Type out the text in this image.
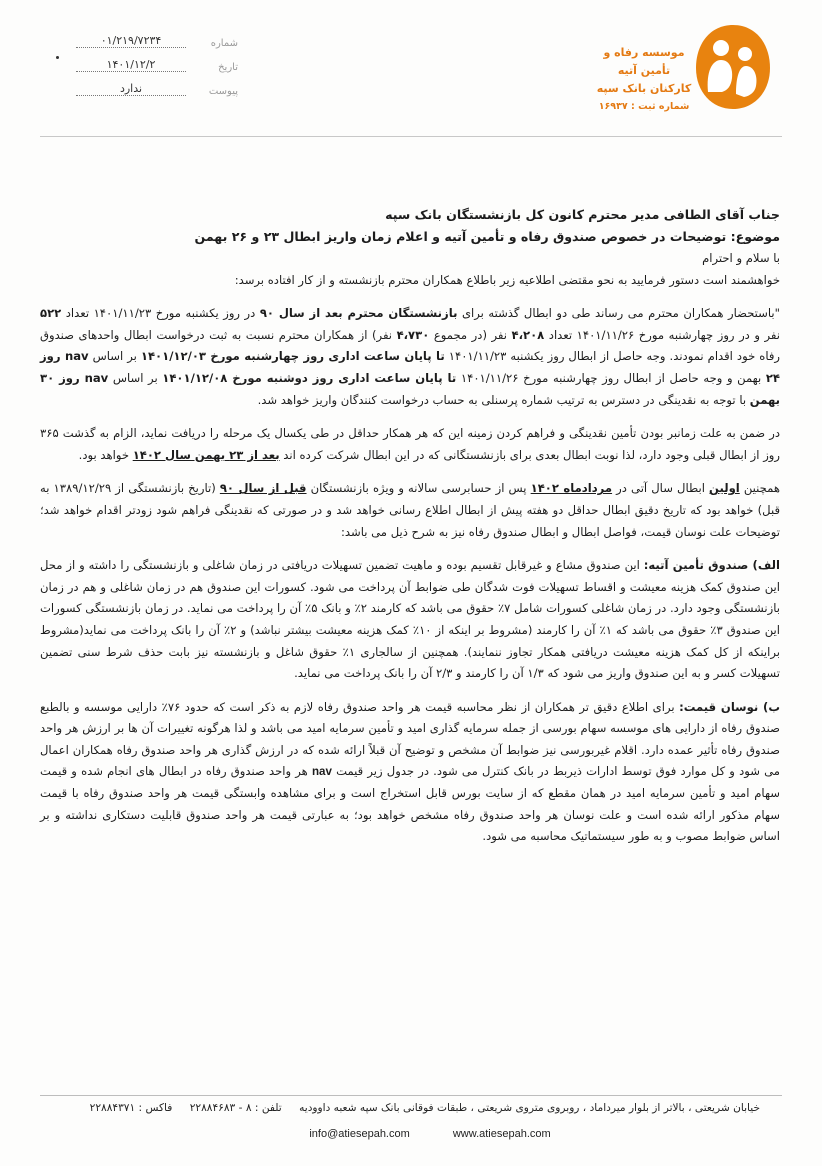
موسسه رفاه و تأمین آتیه
کارکنان بانک سپه
شماره ثبت : ۱۶۹۳۷
شماره
۰۱/۲۱۹/۷۲۳۴
تاریخ
۱۴۰۱/۱۲/۲
پیوست
ندارد

جناب آقای الطافی مدیر محترم کانون کل بازنشستگان بانک سپه

موضوع: توضیحات در خصوص صندوق رفاه و تأمین آتیه و اعلام زمان واریز ابطال ۲۳ و ۲۶ بهمن

با سلام و احترام

خواهشمند است دستور فرمایید به نحو مقتضی اطلاعیه زیر باطلاع همکاران محترم بازنشسته و از کار افتاده برسد:

"باستحضار همکاران محترم می رساند طی دو ابطال گذشته برای بازنشستگان محترم بعد از سال ۹۰ در روز یکشنبه مورخ ۱۴۰۱/۱۱/۲۳ تعداد ۵۲۲ نفر و در روز چهارشنبه مورخ ۱۴۰۱/۱۱/۲۶ تعداد ۴،۲۰۸ نفر (در مجموع ۴،۷۳۰ نفر) از همکاران محترم نسبت به ثبت درخواست ابطال واحدهای صندوق رفاه خود اقدام نمودند. وجه حاصل از ابطال روز یکشنبه ۱۴۰۱/۱۱/۲۳ تا پایان ساعت اداری روز چهارشنبه مورخ ۱۴۰۱/۱۲/۰۳ بر اساس nav روز ۲۴ بهمن و وجه حاصل از ابطال روز چهارشنبه مورخ ۱۴۰۱/۱۱/۲۶ تا پایان ساعت اداری روز دوشنبه مورخ ۱۴۰۱/۱۲/۰۸ بر اساس nav روز ۳۰ بهمن با توجه به نقدینگی در دسترس به ترتیب شماره پرسنلی به حساب درخواست کنندگان واریز خواهد شد.

در ضمن به علت زمانبر بودن تأمین نقدینگی و فراهم کردن زمینه این که هر همکار حداقل در طی یکسال یک مرحله را دریافت نماید، الزام به گذشت ۳۶۵ روز از ابطال قبلی وجود دارد، لذا نوبت ابطال بعدی برای بازنشستگانی که در این ابطال شرکت کرده اند بعد از ۲۳ بهمن سال ۱۴۰۲ خواهد بود.

همچنین اولین ابطال سال آتی در مردادماه ۱۴۰۲ پس از حسابرسی سالانه و ویژه بازنشستگان قبل از سال ۹۰ (تاریخ بازنشستگی از ۱۳۸۹/۱۲/۲۹ به قبل) خواهد بود که تاریخ دقیق ابطال حداقل دو هفته پیش از ابطال اطلاع رسانی خواهد شد و در صورتی که نقدینگی فراهم شود زودتر اقدام خواهد شد؛ توضیحات علت نوسان قیمت، فواصل ابطال و ابطال صندوق رفاه نیز به شرح ذیل می باشد:

الف) صندوق تأمین آتیه: این صندوق مشاع و غیرقابل تقسیم بوده و ماهیت تضمین تسهیلات دریافتی در زمان شاغلی و بازنشستگی را داشته و از محل این صندوق کمک هزینه معیشت و اقساط تسهیلات فوت شدگان طی ضوابط آن پرداخت می شود. کسورات این صندوق هم در زمان شاغلی و هم در زمان بازنشستگی وجود دارد. در زمان شاغلی کسورات شامل ۷٪ حقوق می باشد که کارمند ۲٪ و بانک ۵٪ آن را پرداخت می نماید. در زمان بازنشستگی کسورات این صندوق ۳٪ حقوق می باشد که ۱٪ آن را کارمند (مشروط بر اینکه از ۱۰٪ کمک هزینه معیشت بیشتر نباشد) و ۲٪ آن را بانک پرداخت می نماید(مشروط براینکه از کل کمک هزینه معیشت دریافتی همکار تجاوز ننمایند). همچنین از سالجاری ۱٪ حقوق شاغل و بازنشسته نیز بابت حذف شرط سنی تضمین تسهیلات کسر و به این صندوق واریز می شود که ۱/۳ آن را کارمند و ۲/۳ آن را بانک پرداخت می نماید.

ب) نوسان قیمت: برای اطلاع دقیق تر همکاران از نظر محاسبه قیمت هر واحد صندوق رفاه لازم به ذکر است که حدود ۷۶٪ دارایی موسسه و بالطبع صندوق رفاه از دارایی های موسسه سهام بورسی از جمله سرمایه گذاری امید و تأمین سرمایه امید می باشد و لذا هرگونه تغییرات آن ها بر ارزش هر واحد صندوق رفاه تأثیر عمده دارد. اقلام غیربورسی نیز ضوابط آن مشخص و توضیح آن قبلاً ارائه شده که در ارزش گذاری هر واحد صندوق رفاه همکاران اعمال می شود و کل موارد فوق توسط ادارات ذیربط در بانک کنترل می شود. در جدول زیر قیمت nav هر واحد صندوق رفاه در ابطال های انجام شده و قیمت سهام امید و تأمین سرمایه امید در همان مقطع که از سایت بورس قابل استخراج است و برای مشاهده وابستگی قیمت هر واحد صندوق رفاه با قیمت سهام مذکور ارائه شده است و علت نوسان هر واحد صندوق رفاه مشخص خواهد بود؛ به عبارتی قیمت هر واحد صندوق قابلیت دستکاری نداشته و بر اساس ضوابط مصوب و به طور سیستماتیک محاسبه می شود.

خیابان شریعتی ، بالاتر از بلوار میرداماد ، روبروی متروی شریعتی ، طبقات فوقانی بانک سپه شعبه داوودیه تلفن : ۸ - ۲۲۸۸۴۶۸۳ فاکس : ۲۲۸۸۴۳۷۱
info@atiesepah.com	www.atiesepah.com
